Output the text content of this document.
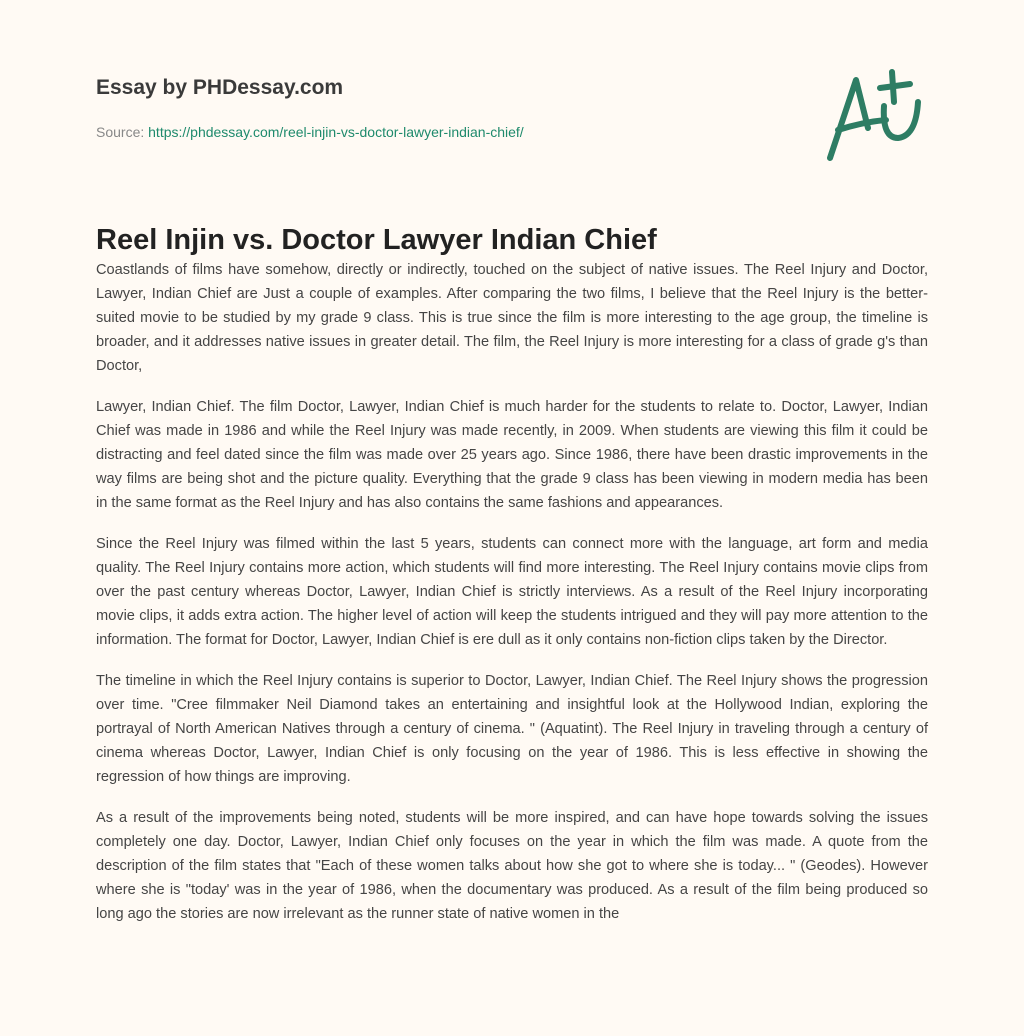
Essay by PHDessay.com
Source: https://phdessay.com/reel-injin-vs-doctor-lawyer-indian-chief/
Reel Injin vs. Doctor Lawyer Indian Chief

Coastlands of films have somehow, directly or indirectly, touched on the subject of native issues. The Reel Injury and Doctor, Lawyer, Indian Chief are Just a couple of examples. After comparing the two films, I believe that the Reel Injury is the better- suited movie to be studied by my grade 9 class. This is true since the film is more interesting to the age group, the timeline is broader, and it addresses native issues in greater detail. The film, the Reel Injury is more interesting for a class of grade g's than Doctor,

Lawyer, Indian Chief. The film Doctor, Lawyer, Indian Chief is much harder for the students to relate to. Doctor, Lawyer, Indian Chief was made in 1986 and while the Reel Injury was made recently, in 2009. When students are viewing this film it could be distracting and feel dated since the film was made over 25 years ago. Since 1986, there have been drastic improvements in the way films are being shot and the picture quality. Everything that the grade 9 class has been viewing in modern media has been in the same format as the Reel Injury and has also contains the same fashions and appearances.

Since the Reel Injury was filmed within the last 5 years, students can connect more with the language, art form and media quality. The Reel Injury contains more action, which students will find more interesting. The Reel Injury contains movie clips from over the past century whereas Doctor, Lawyer, Indian Chief is strictly interviews. As a result of the Reel Injury incorporating movie clips, it adds extra action. The higher level of action will keep the students intrigued and they will pay more attention to the information. The format for Doctor, Lawyer, Indian Chief is ere dull as it only contains non-fiction clips taken by the Director.

The timeline in which the Reel Injury contains is superior to Doctor, Lawyer, Indian Chief. The Reel Injury shows the progression over time. "Cree filmmaker Neil Diamond takes an entertaining and insightful look at the Hollywood Indian, exploring the portrayal of North American Natives through a century of cinema. " (Aquatint). The Reel Injury in traveling through a century of cinema whereas Doctor, Lawyer, Indian Chief is only focusing on the year of 1986. This is less effective in showing the regression of how things are improving.

As a result of the improvements being noted, students will be more inspired, and can have hope towards solving the issues completely one day. Doctor, Lawyer, Indian Chief only focuses on the year in which the film was made. A quote from the description of the film states that "Each of these women talks about how she got to where she is today... " (Geodes). However where she is "today' was in the year of 1986, when the documentary was produced. As a result of the film being produced so long ago the stories are now irrelevant as the runner state of native women in the
